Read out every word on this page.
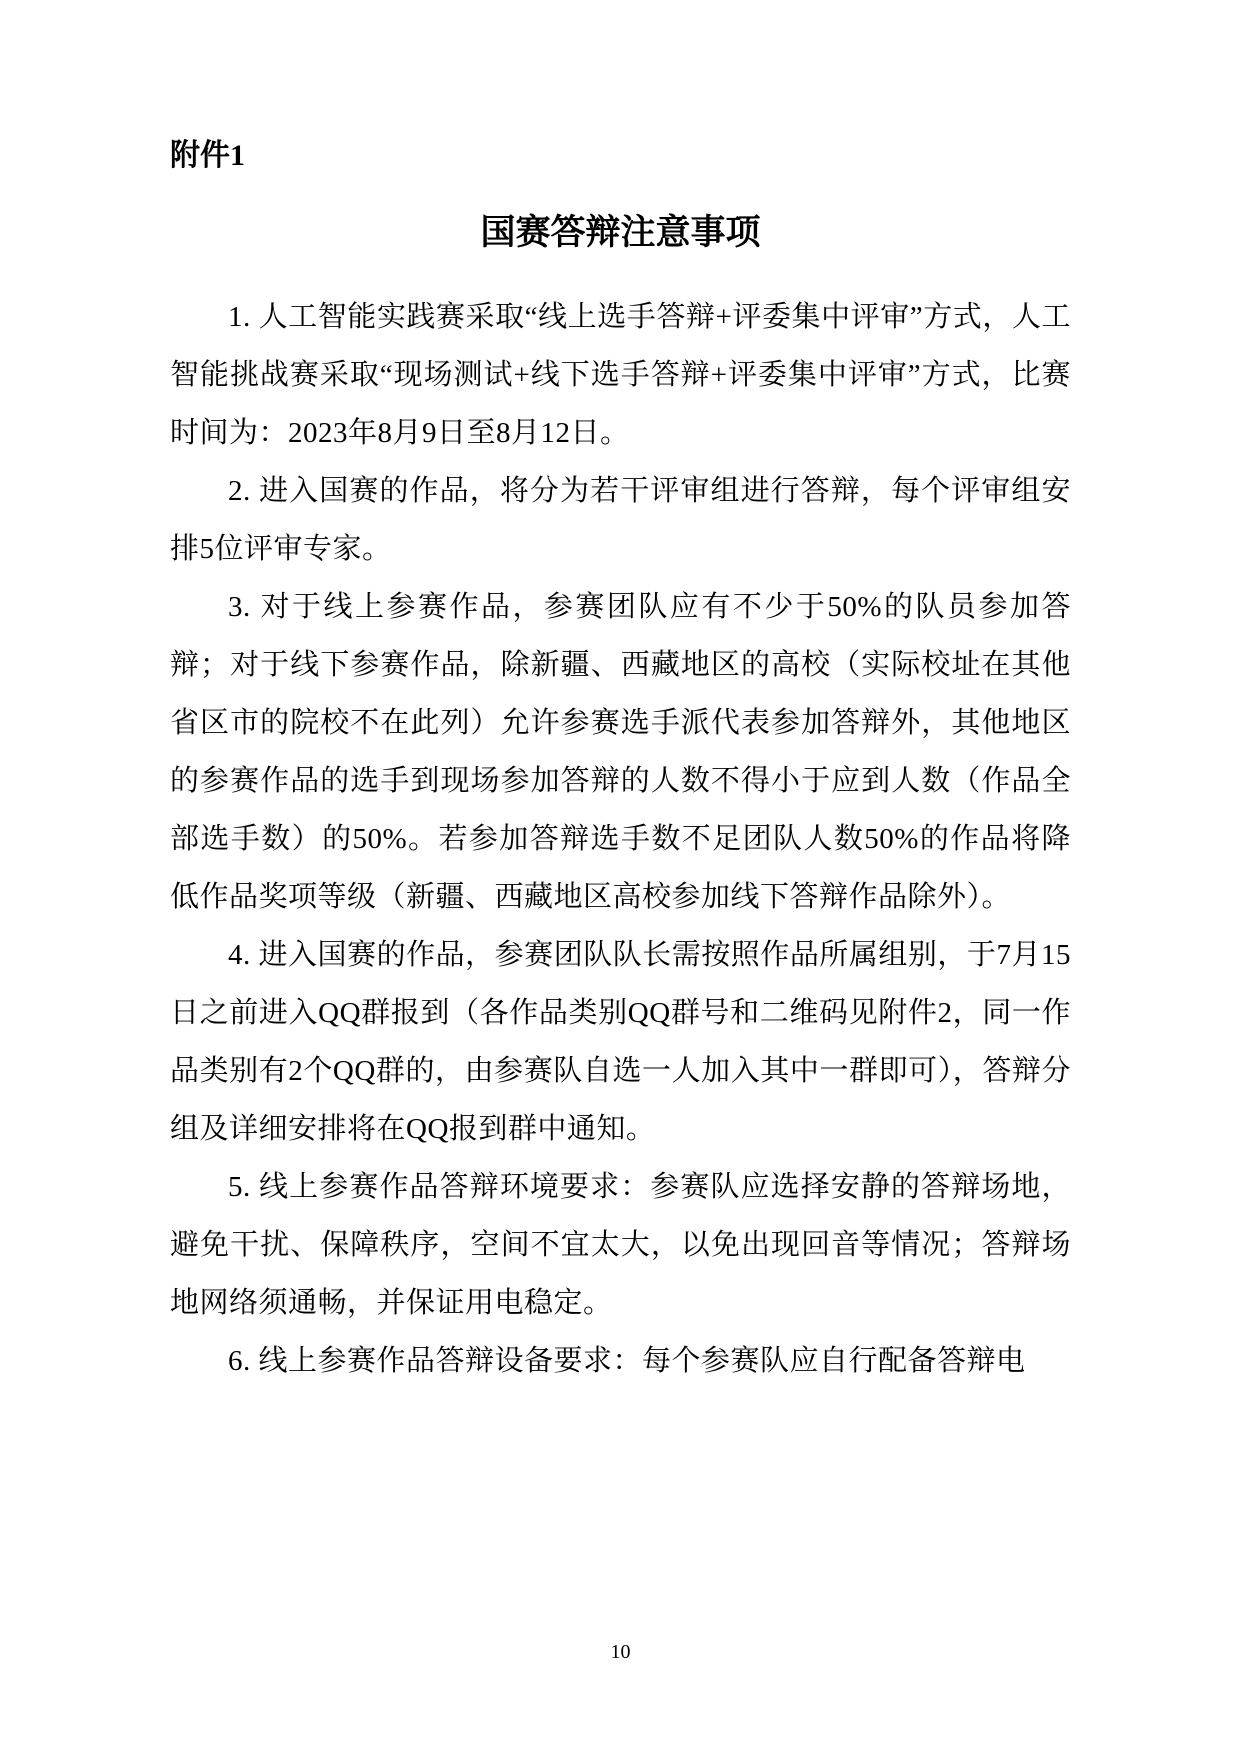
附件1
国赛答辩注意事项

1. 人工智能实践赛采取“线上选手答辩+评委集中评审”方式，人工智能挑战赛采取“现场测试+线下选手答辩+评委集中评审”方式，比赛时间为：2023年8月9日至8月12日。

2. 进入国赛的作品，将分为若干评审组进行答辩，每个评审组安排5位评审专家。

3. 对于线上参赛作品，参赛团队应有不少于50%的队员参加答辩；对于线下参赛作品，除新疆、西藏地区的高校（实际校址在其他省区市的院校不在此列）允许参赛选手派代表参加答辩外，其他地区的参赛作品的选手到现场参加答辩的人数不得小于应到人数（作品全部选手数）的50%。若参加答辩选手数不足团队人数50%的作品将降低作品奖项等级（新疆、西藏地区高校参加线下答辩作品除外）。

4. 进入国赛的作品，参赛团队队长需按照作品所属组别，于7月15日之前进入QQ群报到（各作品类别QQ群号和二维码见附件2，同一作品类别有2个QQ群的，由参赛队自选一人加入其中一群即可），答辩分组及详细安排将在QQ报到群中通知。

5. 线上参赛作品答辩环境要求：参赛队应选择安静的答辩场地，避免干扰、保障秩序，空间不宜太大，以免出现回音等情况；答辩场地网络须通畅，并保证用电稳定。

6. 线上参赛作品答辩设备要求：每个参赛队应自行配备答辩电

10
